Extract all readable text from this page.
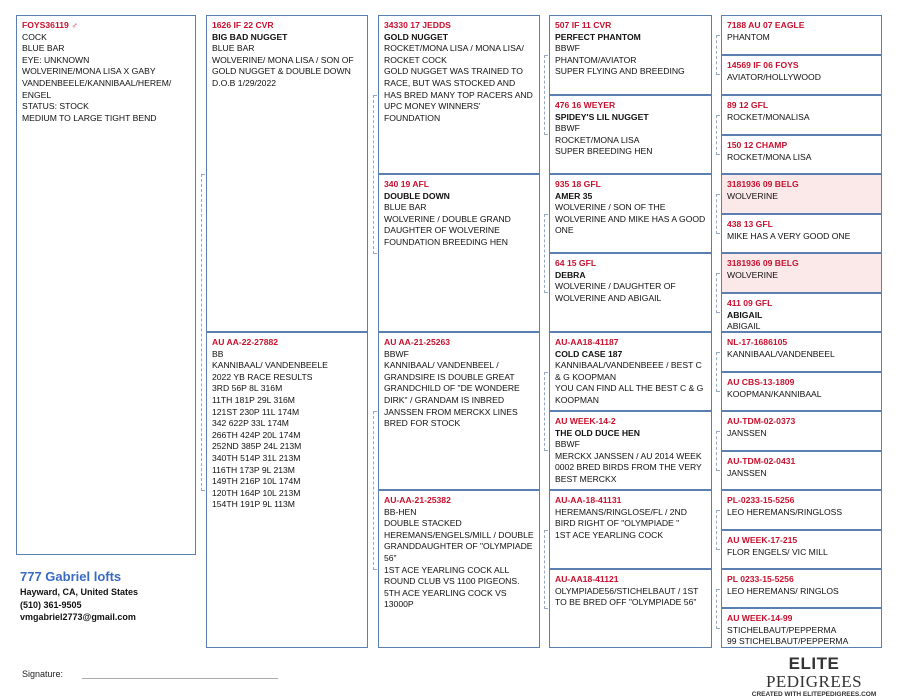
FOYS36119 ♂
COCK
BLUE BAR
EYE: UNKNOWN
WOLVERINE/MONA LISA X GABY VANDENBEELE/KANNIBAAL/HEREM/ ENGEL
STATUS: STOCK
MEDIUM TO LARGE TIGHT BEND
1626 IF 22 CVR
BIG BAD NUGGET
BLUE BAR
WOLVERINE/ MONA LISA / SON OF GOLD NUGGET & DOUBLE DOWN
D.O.B 1/29/2022
AU AA-22-27882
BB
KANNIBAAL/ VANDENBEELE
2022 YB RACE RESULTS
3RD 56P 8L 316M
11TH 181P 29L 316M
121ST 230P 11L 174M
342 622P 33L 174M
266TH 424P 20L 174M
252ND 385P 24L 213M
340TH 514P 31L 213M
116TH 173P 9L 213M
149TH 216P 10L 174M
120TH 164P 10L 213M
154TH 191P 9L 113M
34330 17 JEDDS
GOLD NUGGET
ROCKET/MONA LISA / MONA LISA/ ROCKET COCK
GOLD NUGGET WAS TRAINED TO RACE, BUT WAS STOCKED AND HAS BRED MANY TOP RACERS AND UPC MONEY WINNERS' FOUNDATION
340 19 AFL
DOUBLE DOWN
BLUE BAR
WOLVERINE / DOUBLE GRAND DAUGHTER OF WOLVERINE FOUNDATION BREEDING HEN
AU AA-21-25263
BBWF
KANNIBAAL/ VANDENBEEL / GRANDSIRE IS DOUBLE GREAT GRANDCHILD OF "DE WONDERE DIRK" / GRANDAM IS INBRED JANSSEN FROM MERCKX LINES BRED FOR STOCK
AU-AA-21-25382
BB-HEN
DOUBLE STACKED HEREMANS/ENGELS/MILL / DOUBLE GRANDDAUGHTER OF "OLYMPIADE 56"
1ST ACE YEARLING COCK ALL ROUND CLUB VS 1100 PIGEONS. 5TH ACE YEARLING COCK VS 13000P
507 IF 11 CVR
PERFECT PHANTOM
BBWF
PHANTOM/AVIATOR
SUPER FLYING AND BREEDING
476 16 WEYER
SPIDEY'S LIL NUGGET
BBWF
ROCKET/MONA LISA
SUPER BREEDING HEN
935 18 GFL
AMER 35
WOLVERINE / SON OF THE WOLVERINE AND MIKE HAS A GOOD ONE
64 15 GFL
DEBRA
WOLVERINE / DAUGHTER OF WOLVERINE AND ABIGAIL
AU-AA18-41187
COLD CASE 187
KANNIBAAL/VANDENBEEE / BEST C & G KOOPMAN
YOU CAN FIND ALL THE BEST C & G KOOPMAN
AU WEEK-14-2
THE OLD DUCE HEN
BBWF
MERCKX JANSSEN / AU 2014 WEEK 0002 BRED BIRDS FROM THE VERY BEST MERCKX
AU-AA-18-41131
HEREMANS/RINGLOSE/FL / 2ND BIRD RIGHT OF "OLYMPIADE "
1ST ACE YEARLING COCK
AU-AA18-41121
OLYMPIADE56/STICHELBAUT / 1ST TO BE BRED OFF "OLYMPIADE 56"
7188 AU 07 EAGLE
PHANTOM
14569 IF 06 FOYS
AVIATOR/HOLLYWOOD
89 12 GFL
ROCKET/MONALISA
150 12 CHAMP
ROCKET/MONA LISA
3181936 09 BELG
WOLVERINE
438 13 GFL
MIKE HAS A VERY GOOD ONE
3181936 09 BELG
WOLVERINE
411 09 GFL
ABIGAIL
ABIGAIL
NL-17-1686105
KANNIBAAL/VANDENBEEL
AU CBS-13-1809
KOOPMAN/KANNIBAAL
AU-TDM-02-0373
JANSSEN
AU-TDM-02-0431
JANSSEN
PL-0233-15-5256
LEO HEREMANS/RINGLOSS
AU WEEK-17-215
FLOR ENGELS/ VIC MILL
PL 0233-15-5256
LEO HEREMANS/ RINGLOS
AU WEEK-14-99
STICHELBAUT/PEPPERMA
99 STICHELBAUT/PEPPERMA
777 Gabriel lofts
Hayward, CA, United States
(510) 361-9505
vmgabriel2773@gmail.com
Signature:
ELITE PEDIGREES
CREATED WITH ELITEPEDIGREES.COM
